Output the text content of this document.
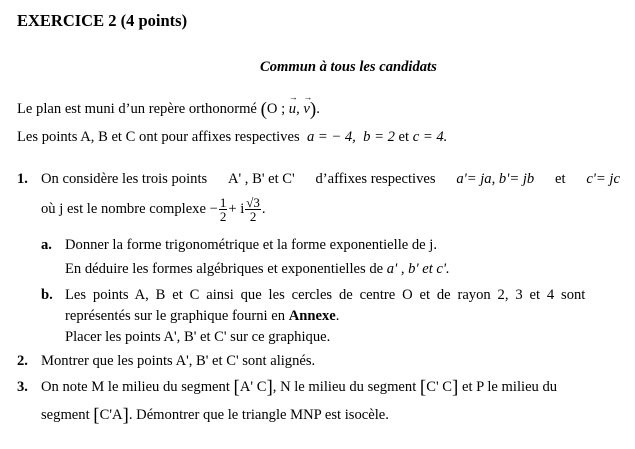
EXERCICE 2 (4 points)
Commun à tous les candidats
Le plan est muni d’un repère orthonormé (O ; → u, → v).
Les points A, B et C ont pour affixes respectives a = − 4, b = 2 et c = 4.
1. On considère les trois points A' , B' et C' d’affixes respectives a'= ja, b'= jb et c'= jc
où j est le nombre complexe − $\frac{1}{2} + i \frac{√3}{2}$ .
a. Donner la forme trigonométrique et la forme exponentielle de j.
En déduire les formes algébriques et exponentielles de a' , b' et c'.
b. Les points A, B et C ainsi que les cercles de centre O et de rayon 2, 3 et 4 sont
représentés sur le graphique fourni en Annexe.
Placer les points A', B' et C' sur ce graphique.
2. Montrer que les points A', B' et C' sont alignés.
3. On note M le milieu du segment [A' C], N le milieu du segment [C' C] et P le milieu du
segment [C'A]. Démontrer que le triangle MNP est isocèle.
